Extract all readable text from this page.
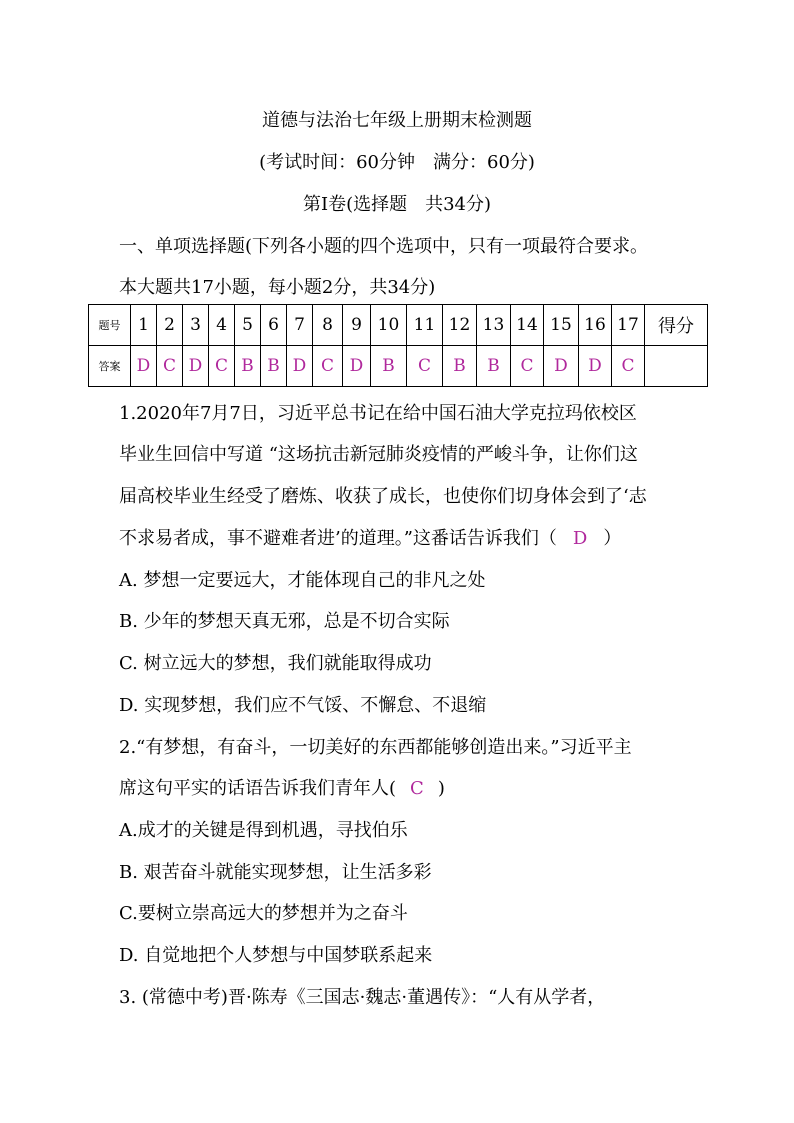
道德与法治七年级上册期末检测题
(考试时间：60分钟　满分：60分)
第Ⅰ卷(选择题　共34分)
一、单项选择题(下列各小题的四个选项中，只有一项最符合要求。
本大题共17小题，每小题2分，共34分)
题号	1	2	3	4	5	6	7	8	9	10	11	12	13	14	15	16	17	得分
答案	D	C	D	C	B	B	D	C	D	B	C	B	B	C	D	D	C	
1.2020年7月7日，习近平总书记在给中国石油大学克拉玛依校区
毕业生回信中写道 “这场抗击新冠肺炎疫情的严峻斗争，让你们这
届高校毕业生经受了磨炼、收获了成长，也使你们切身体会到了‘志
不求易者成，事不避难者进’的道理。”这番话告诉我们（ D ）
A. 梦想一定要远大，才能体现自己的非凡之处
B. 少年的梦想天真无邪，总是不切合实际
C. 树立远大的梦想，我们就能取得成功
D. 实现梦想，我们应不气馁、不懈怠、不退缩
2.“有梦想，有奋斗，一切美好的东西都能够创造出来。”习近平主
席这句平实的话语告诉我们青年人( C )
A.成才的关键是得到机遇，寻找伯乐
B. 艰苦奋斗就能实现梦想，让生活多彩
C.要树立崇高远大的梦想并为之奋斗
D. 自觉地把个人梦想与中国梦联系起来
3. (常德中考)晋·陈寿《三国志·魏志·董遇传》：“人有从学者，
